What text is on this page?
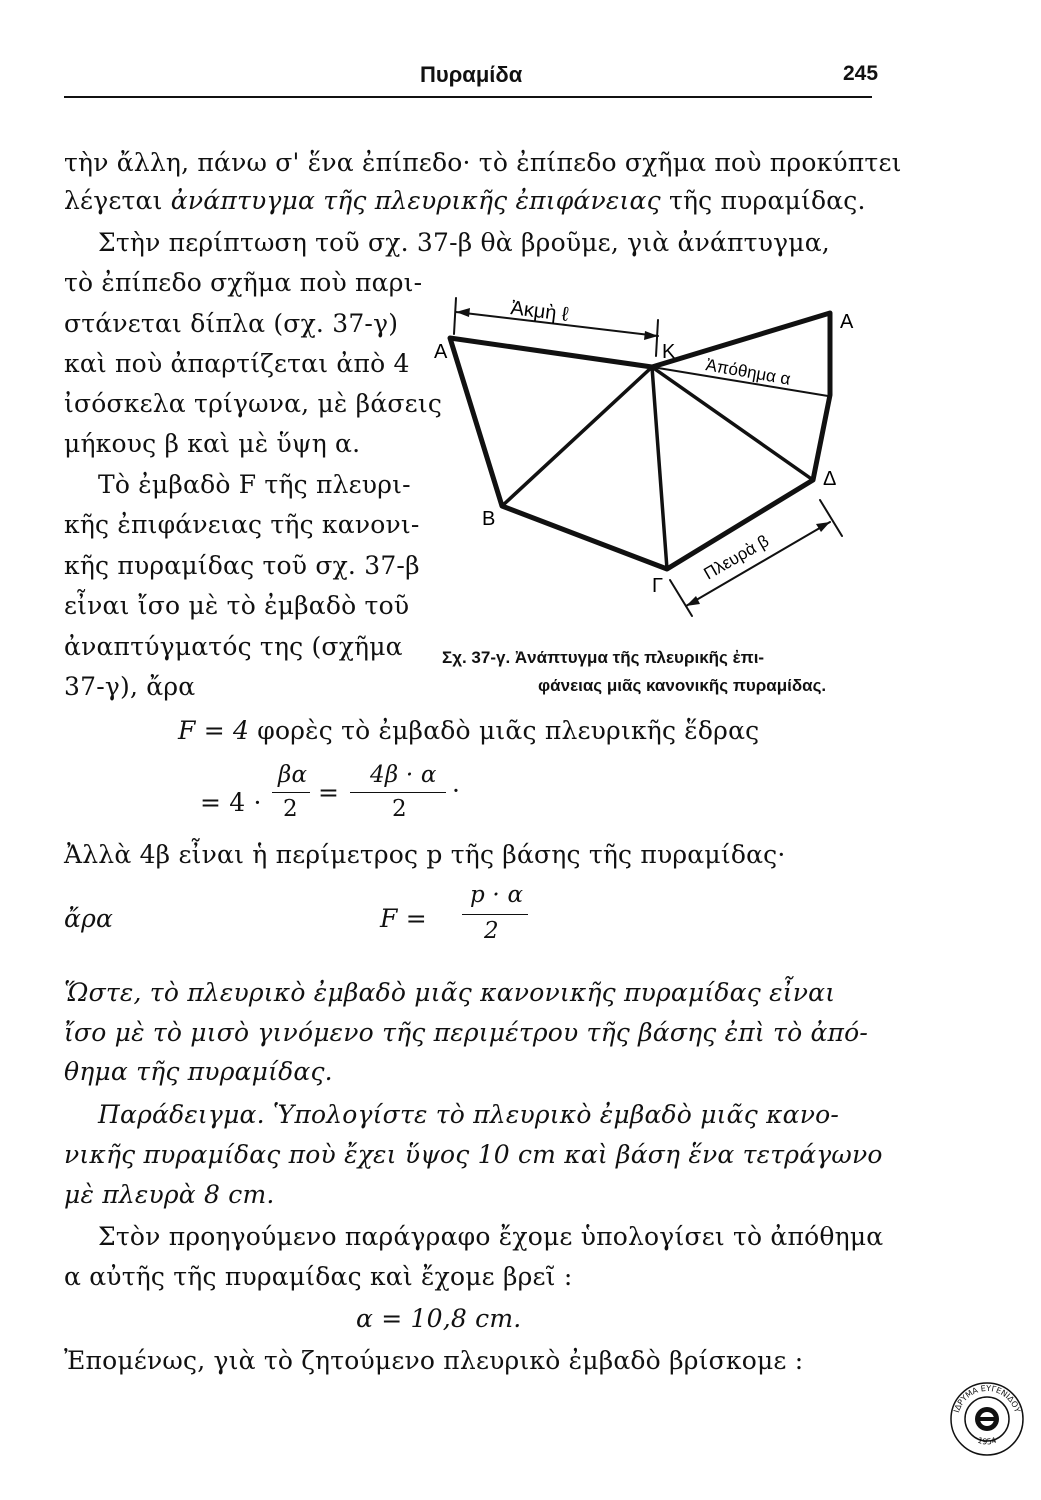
Πυραμίδα	245
τὴν ἄλλη, πάνω σ' ἕνα ἐπίπεδο· τὸ ἐπίπεδο σχῆμα ποὺ προκύπτει
λέγεται ἀνάπτυγμα τῆς πλευρικῆς ἐπιφάνειας τῆς πυραμίδας.
Στὴν περίπτωση τοῦ σχ. 37-β θὰ βροῦμε, γιὰ ἀνάπτυγμα,
τὸ ἐπίπεδο σχῆμα ποὺ παρι-
στάνεται δίπλα (σχ. 37-γ)
καὶ ποὺ ἀπαρτίζεται ἀπὸ 4
ἰσόσκελα τρίγωνα, μὲ βάσεις
μήκους β καὶ μὲ ὕψη α.
Τὸ ἐμβαδὸ F τῆς πλευρι-
κῆς ἐπιφάνειας τῆς κανονι-
κῆς πυραμίδας τοῦ σχ. 37-β
εἶναι ἴσο μὲ τὸ ἐμβαδὸ τοῦ
ἀναπτύγματός της (σχῆμα
37-γ), ἄρα
Ἀκμὴ ℓ
Ἀπόθημα α
Πλευρὰ β
Α
Α
Κ
Β
Γ
Δ
Σχ. 37-γ. Ἀνάπτυγμα τῆς πλευρικῆς ἐπι-
φάνειας μιᾶς κανονικῆς πυραμίδας.
F = 4 φορὲς τὸ ἐμβαδὸ μιᾶς πλευρικῆς ἕδρας
= 4 ·
βα
2
=
4β · α
2
·
Ἀλλὰ 4β εἶναι ἡ περίμετρος p τῆς βάσης τῆς πυραμίδας·
ἄρα	F =
p · α
2
Ὥστε, τὸ πλευρικὸ ἐμβαδὸ μιᾶς κανονικῆς πυραμίδας εἶναι
ἴσο μὲ τὸ μισὸ γινόμενο τῆς περιμέτρου τῆς βάσης ἐπὶ τὸ ἀπό-
θημα τῆς πυραμίδας.
Παράδειγμα. Ὑπολογίστε τὸ πλευρικὸ ἐμβαδὸ μιᾶς κανο-
νικῆς πυραμίδας ποὺ ἔχει ὕψος 10 cm καὶ βάση ἕνα τετράγωνο
μὲ πλευρὰ 8 cm.
Στὸν προηγούμενο παράγραφο ἔχομε ὑπολογίσει τὸ ἀπόθημα
α αὐτῆς τῆς πυραμίδας καὶ ἔχομε βρεῖ :
α = 10,8 cm.
Ἐπομένως, γιὰ τὸ ζητούμενο πλευρικὸ ἐμβαδὸ βρίσκομε :
ΙΔΡΥΜΑ ΕΥΓΕΝΙΔΟΥ
1954
